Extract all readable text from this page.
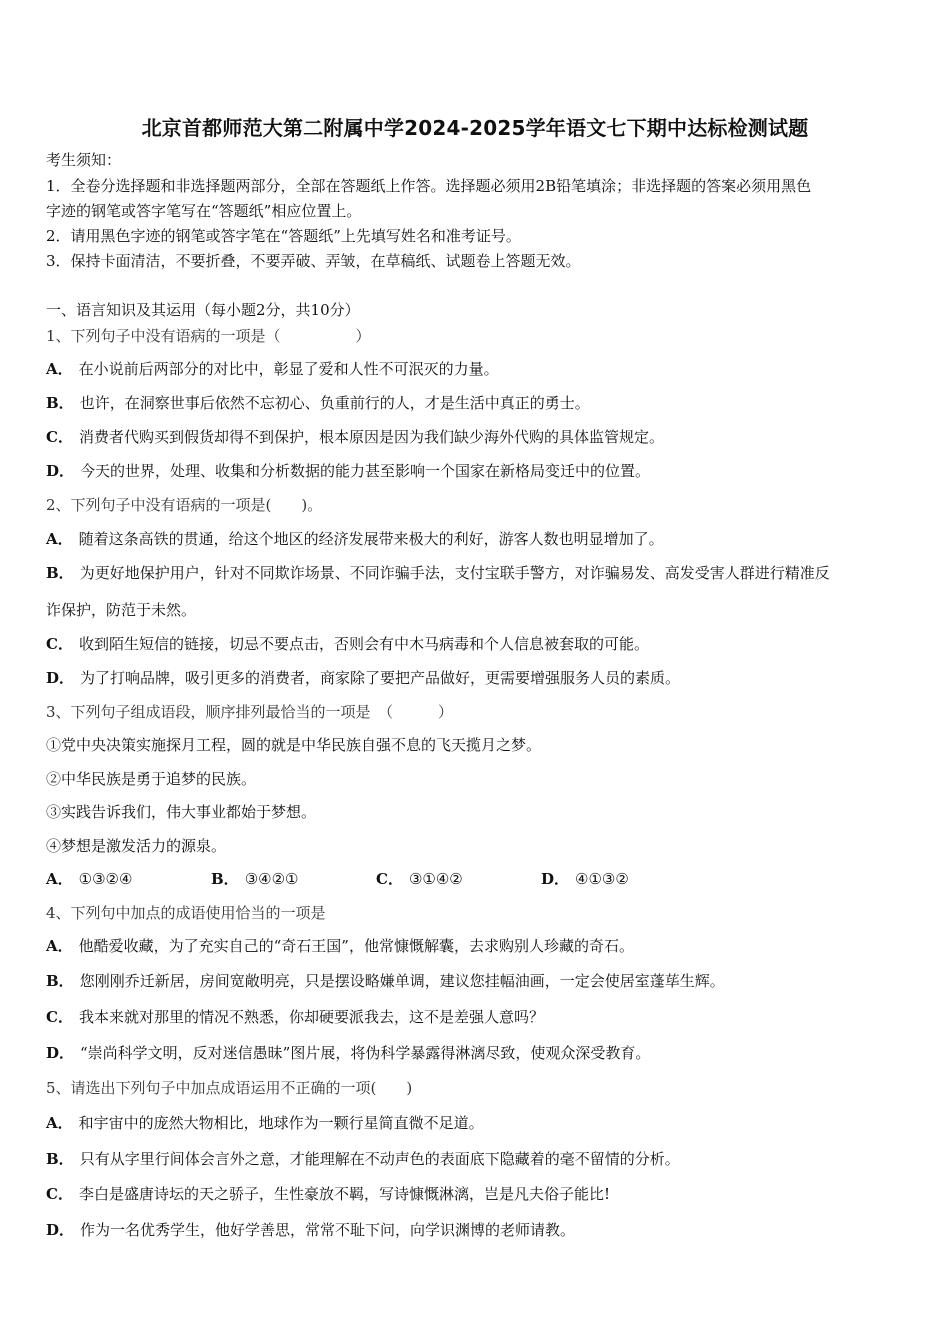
北京首都师范大第二附属中学2024-2025学年语文七下期中达标检测试题
考生须知：
1．全卷分选择题和非选择题两部分，全部在答题纸上作答。选择题必须用2B铅笔填涂；非选择题的答案必须用黑色
字迹的钢笔或答字笔写在“答题纸”相应位置上。
2．请用黑色字迹的钢笔或答字笔在“答题纸”上先填写姓名和准考证号。
3．保持卡面清洁，不要折叠，不要弄破、弄皱，在草稿纸、试题卷上答题无效。
一、语言知识及其运用（每小题2分，共10分）
1、下列句子中没有语病的一项是（　　　　　）
A． 在小说前后两部分的对比中，彰显了爱和人性不可泯灭的力量。
B． 也许，在洞察世事后依然不忘初心、负重前行的人，才是生活中真正的勇士。
C． 消费者代购买到假货却得不到保护，根本原因是因为我们缺少海外代购的具体监管规定。
D． 今天的世界，处理、收集和分析数据的能力甚至影响一个国家在新格局变迁中的位置。
2、下列句子中没有语病的一项是(　　)。
A． 随着这条高铁的贯通，给这个地区的经济发展带来极大的利好，游客人数也明显增加了。
B． 为更好地保护用户，针对不同欺诈场景、不同诈骗手法，支付宝联手警方，对诈骗易发、高发受害人群进行精准反
诈保护，防范于未然。
C． 收到陌生短信的链接，切忌不要点击，否则会有中木马病毒和个人信息被套取的可能。
D． 为了打响品牌，吸引更多的消费者，商家除了要把产品做好，更需要增强服务人员的素质。
3、下列句子组成语段，顺序排列最恰当的一项是　（　　　）
①党中央决策实施探月工程，圆的就是中华民族自强不息的飞天揽月之梦。
②中华民族是勇于追梦的民族。
③实践告诉我们，伟大事业都始于梦想。
④梦想是激发活力的源泉。
A． ①③②④	B． ③④②①	C． ③①④②	D． ④①③②
4、下列句中加点的成语使用恰当的一项是
A． 他酷爱收藏，为了充实自己的“奇石王国”，他常慷慨解囊，去求购别人珍藏的奇石。
B． 您刚刚乔迁新居，房间宽敞明亮，只是摆设略嫌单调，建议您挂幅油画，一定会使居室蓬荜生辉。
C． 我本来就对那里的情况不熟悉，你却硬要派我去，这不是差强人意吗？
D． “崇尚科学文明，反对迷信愚昧”图片展，将伪科学暴露得淋漓尽致，使观众深受教育。
5、请选出下列句子中加点成语运用不正确的一项(　　)
A． 和宇宙中的庞然大物相比，地球作为一颗行星简直微不足道。
B． 只有从字里行间体会言外之意，才能理解在不动声色的表面底下隐藏着的毫不留情的分析。
C． 李白是盛唐诗坛的天之骄子，生性豪放不羁，写诗慷慨淋漓，岂是凡夫俗子能比!
D． 作为一名优秀学生，他好学善思，常常不耻下问，向学识渊博的老师请教。
